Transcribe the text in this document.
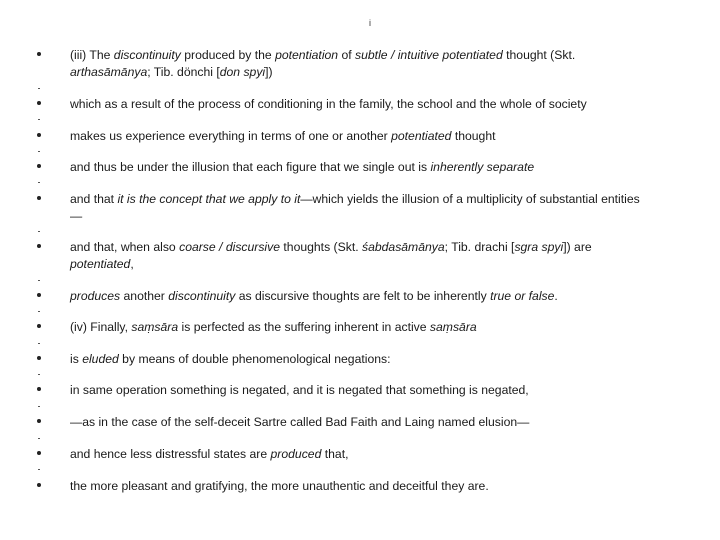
i
(iii) The discontinuity produced by the potentiation of subtle / intuitive potentiated thought (Skt. arthasāmānya; Tib. dönchi [don spyi])
which as a result of the process of conditioning in the family, the school and the whole of society
makes us experience everything in terms of one or another potentiated thought
and thus be under the illusion that each figure that we single out is inherently separate
and that it is the concept that we apply to it—which yields the illusion of a multiplicity of substantial entities—
and that, when also coarse / discursive thoughts (Skt. śabdasāmānya; Tib. drachi [sgra spyi]) are potentiated,
produces another discontinuity as discursive thoughts are felt to be inherently true or false.
(iv) Finally, saṃsāra is perfected as the suffering inherent in active saṃsāra
is eluded by means of double phenomenological negations:
in same operation something is negated, and it is negated that something is negated,
—as in the case of the self-deceit Sartre called Bad Faith and Laing named elusion—
and hence less distressful states are produced that,
the more pleasant and gratifying, the more unauthentic and deceitful they are.
